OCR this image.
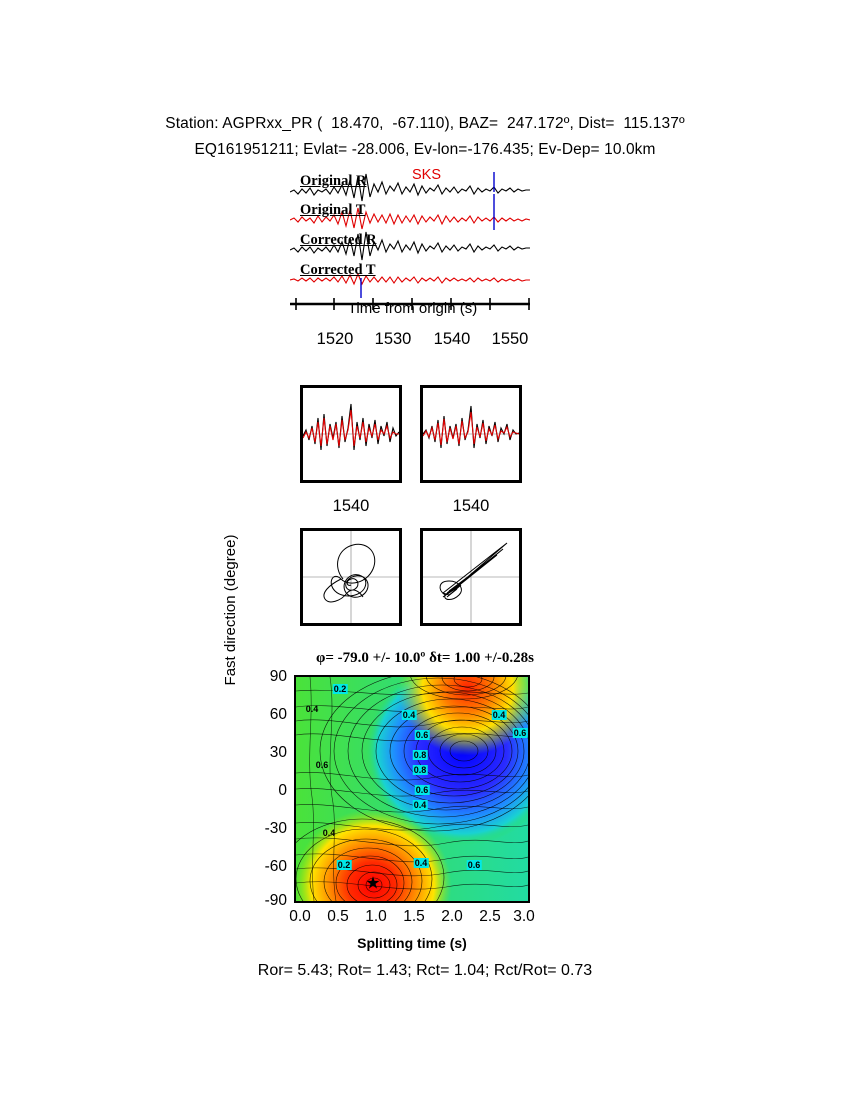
Station: AGPRxx_PR (  18.470,  -67.110), BAZ=  247.172º, Dist=  115.137º
EQ161951211; Evlat= -28.006, Ev-lon=-176.435; Ev-Dep= 10.0km
Original R
Original T
Corrected R
Corrected T
SKS
Time from origin (s)
1520 1530 1540 1550
1540	1540
φ= -79.0 +/- 10.0º δt= 1.00 +/-0.28s
Fast direction (degree) 90
60
30
0
-30
-60
-90
0.2
0.4	0.4
0.4
0.6	0.6
0.8
0.8
0.6
0.4
0.6
0.4
0.2	0.4	0.6
★
0.0 0.5 1.0 1.5 2.0 2.5 3.0
Splitting time (s)
Ror= 5.43; Rot= 1.43; Rct= 1.04; Rct/Rot= 0.73
